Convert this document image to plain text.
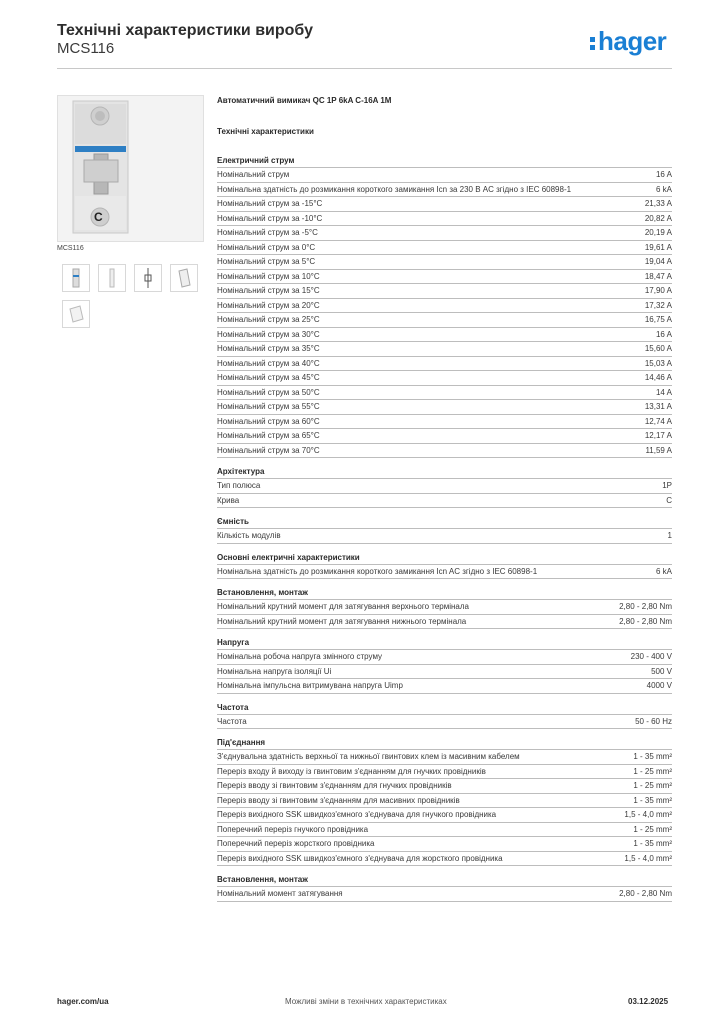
Технічні характеристики виробу
MCS116	hager
C
MCS116
Автоматичний вимикач QC 1P 6kA C-16A 1M
Технічні характеристики
Електричний струм
Номінальний струм	16 A
Номінальна здатність до розмикання короткого замикання Icn за 230 В AC згідно з IEC 60898-1	6 kA
Номінальний струм за -15°C	21,33 A
Номінальний струм за -10°C	20,82 A
Номінальний струм за -5°C	20,19 A
Номінальний струм за 0°C	19,61 A
Номінальний струм за 5°C	19,04 A
Номінальний струм за 10°C	18,47 A
Номінальний струм за 15°C	17,90 A
Номінальний струм за 20°C	17,32 A
Номінальний струм за 25°C	16,75 A
Номінальний струм за 30°C	16 A
Номінальний струм за 35°C	15,60 A
Номінальний струм за 40°C	15,03 A
Номінальний струм за 45°C	14,46 A
Номінальний струм за 50°C	14 A
Номінальний струм за 55°C	13,31 A
Номінальний струм за 60°C	12,74 A
Номінальний струм за 65°C	12,17 A
Номінальний струм за 70°C	11,59 A
Архітектура
Тип полюса	1P
Крива	C
Ємність
Кількість модулів	1
Основні електричні характеристики
Номінальна здатність до розмикання короткого замикання Icn AC згідно з IEC 60898-1	6 kA
Встановлення, монтаж
Номінальний крутний момент для затягування верхнього термінала	2,80 - 2,80 Nm
Номінальний крутний момент для затягування нижнього термінала	2,80 - 2,80 Nm
Напруга
Номінальна робоча напруга змінного струму	230 - 400 V
Номінальна напруга ізоляції Ui	500 V
Номінальна імпульсна витримувана напруга Uimp	4000 V
Частота
Частота	50 - 60 Hz
Під'єднання
З'єднувальна здатність верхньої та нижньої гвинтових клем із масивним кабелем	1 - 35 mm²
Переріз входу й виходу із гвинтовим з'єднанням для гнучких провідників	1 - 25 mm²
Переріз вводу зі гвинтовим з'єднанням для гнучких провідників	1 - 25 mm²
Переріз вводу зі гвинтовим з'єднанням для масивних провідників	1 - 35 mm²
Переріз вихідного SSK швидкоз'ємного з'єднувача для гнучкого провідника	1,5 - 4,0 mm²
Поперечний переріз гнучкого провідника	1 - 25 mm²
Поперечний переріз жорсткого провідника	1 - 35 mm²
Переріз вихідного SSK швидкоз'ємного з'єднувача для жорсткого провідника	1,5 - 4,0 mm²
Встановлення, монтаж
Номінальний момент затягування	2,80 - 2,80 Nm
hager.com/ua	Можливі зміни в технічних характеристиках	03.12.2025
